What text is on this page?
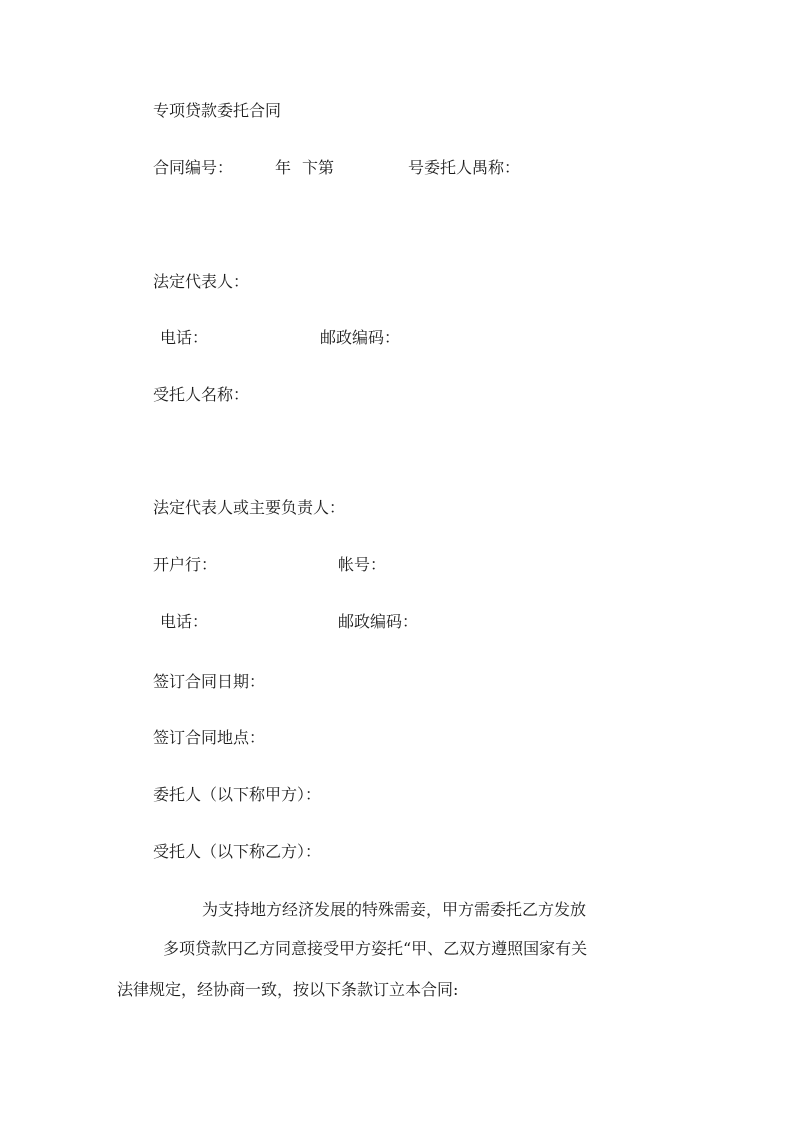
专项贷款委托合同
合同编号：	年 卞第	号委托人禺称：
法定代表人：
电话：	邮政编码：
受托人名称：
法定代表人或主要负责人：
开户行：	帐号：
电话：	邮政编码：
签订合同日期：
签订合同地点：
委托人（以下称甲方）：
受托人（以下称乙方）：
为支持地方经济发展的特殊需妾，甲方需委托乙方发放
多项贷款円乙方同意接受甲方姿托“甲、乙双方遵照国家有关
法律规定，经协商一致，按以下条款订立本合同:
